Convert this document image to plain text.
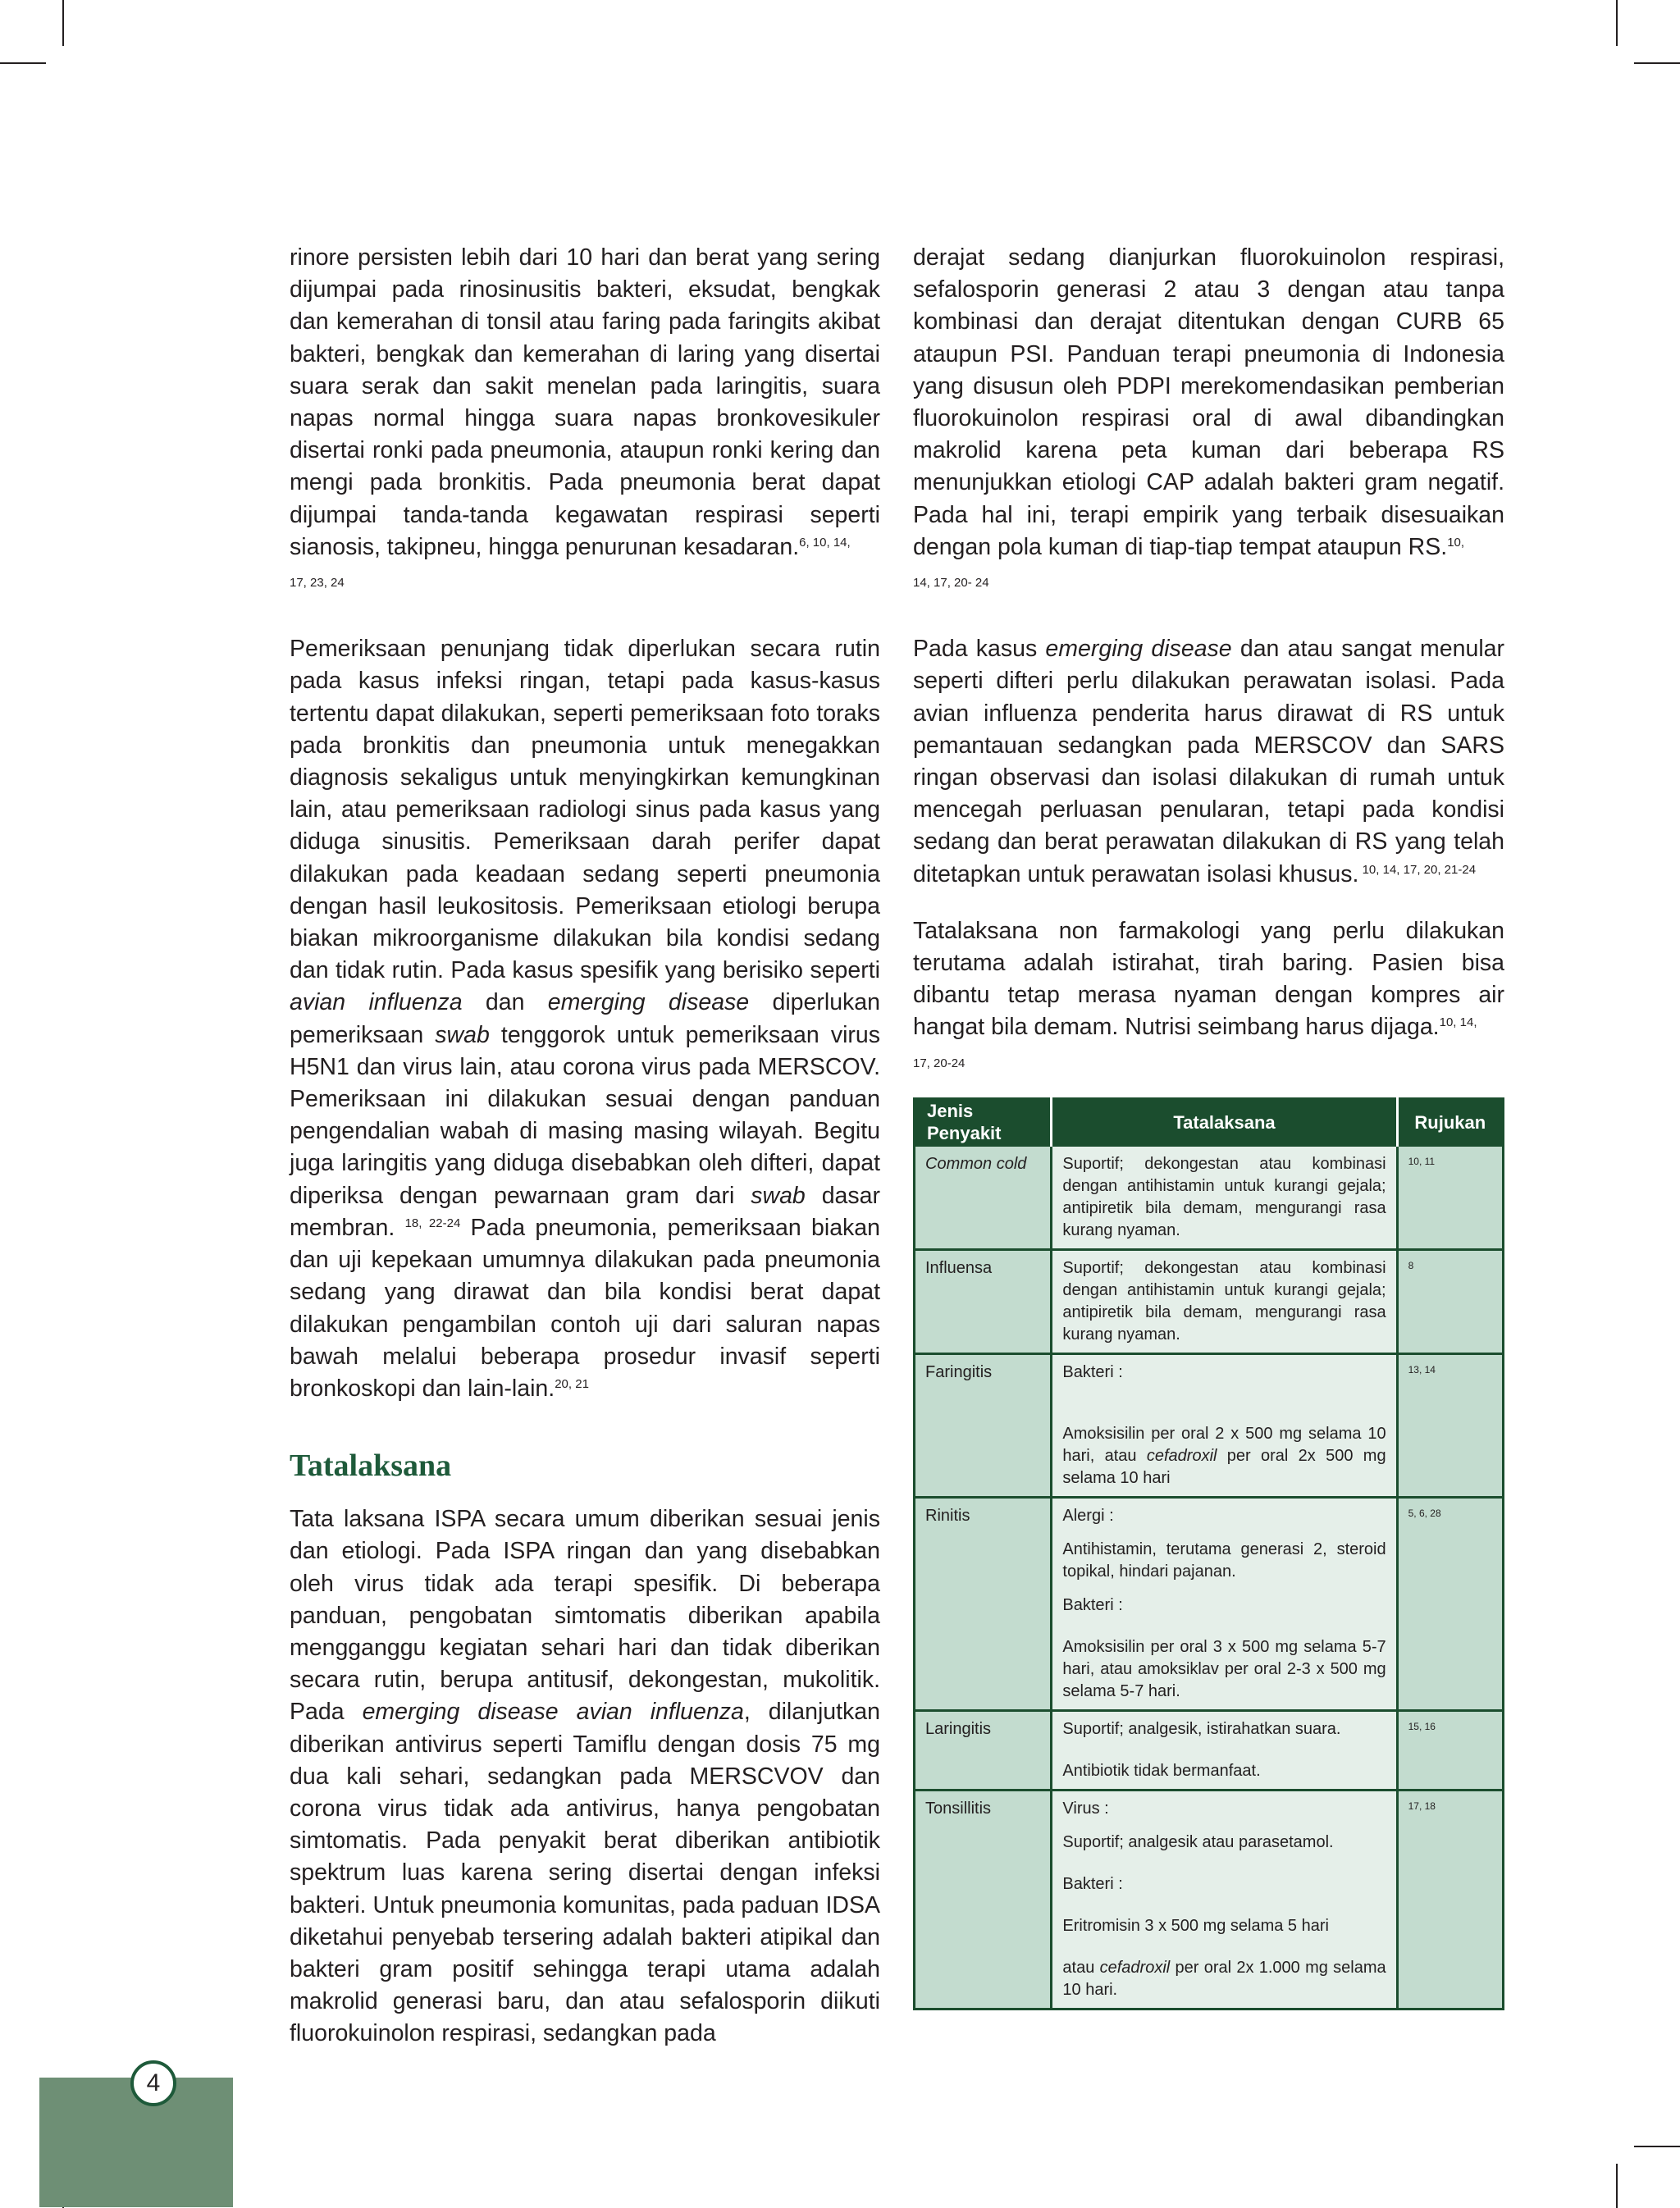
rinore persisten lebih dari 10 hari dan berat yang sering dijumpai pada rinosinusitis bakteri, eksudat, bengkak dan kemerahan di tonsil atau faring pada faringits akibat bakteri, bengkak dan kemerahan di laring yang disertai suara serak dan sakit menelan pada laringitis, suara napas normal hingga suara napas bronkovesikuler disertai ronki pada pneumonia, ataupun ronki kering dan mengi pada bronkitis. Pada pneumonia berat dapat dijumpai tanda-tanda kegawatan respirasi seperti sianosis, takipneu, hingga penurunan kesadaran.$^{6, 10, 14,}$
17, 23, 24

Pemeriksaan penunjang tidak diperlukan secara rutin pada kasus infeksi ringan, tetapi pada kasus-kasus tertentu dapat dilakukan, seperti pemeriksaan foto toraks pada bronkitis dan pneumonia untuk menegakkan diagnosis sekaligus untuk menyingkirkan kemungkinan lain, atau pemeriksaan radiologi sinus pada kasus yang diduga sinusitis. Pemeriksaan darah perifer dapat dilakukan pada keadaan sedang seperti pneumonia dengan hasil leukositosis. Pemeriksaan etiologi berupa biakan mikroorganisme dilakukan bila kondisi sedang dan tidak rutin. Pada kasus spesifik yang berisiko seperti avian influenza dan emerging disease diperlukan pemeriksaan swab tenggorok untuk pemeriksaan virus H5N1 dan virus lain, atau corona virus pada MERSCOV. Pemeriksaan ini dilakukan sesuai dengan panduan pengendalian wabah di masing masing wilayah. Begitu juga laringitis yang diduga disebabkan oleh difteri, dapat diperiksa dengan pewarnaan gram dari swab dasar membran. $^{18, 22-24}$ Pada pneumonia, pemeriksaan biakan dan uji kepekaan umumnya dilakukan pada pneumonia sedang yang dirawat dan bila kondisi berat dapat dilakukan pengambilan contoh uji dari saluran napas bawah melalui beberapa prosedur invasif seperti bronkoskopi dan lain-lain.$^{20, 21}$

Tatalaksana

Tata laksana ISPA secara umum diberikan sesuai jenis dan etiologi. Pada ISPA ringan dan yang disebabkan oleh virus tidak ada terapi spesifik. Di beberapa panduan, pengobatan simtomatis diberikan apabila mengganggu kegiatan sehari hari dan tidak diberikan secara rutin, berupa antitusif, dekongestan, mukolitik. Pada emerging disease avian influenza, dilanjutkan diberikan antivirus seperti Tamiflu dengan dosis 75 mg dua kali sehari, sedangkan pada MERSCVOV dan corona virus tidak ada antivirus, hanya pengobatan simtomatis. Pada penyakit berat diberikan antibiotik spektrum luas karena sering disertai dengan infeksi bakteri. Untuk pneumonia komunitas, pada paduan IDSA diketahui penyebab tersering adalah bakteri atipikal dan bakteri gram positif sehingga terapi utama adalah makrolid generasi baru, dan atau sefalosporin diikuti fluorokuinolon respirasi, sedangkan pada

derajat sedang dianjurkan fluorokuinolon respirasi, sefalosporin generasi 2 atau 3 dengan atau tanpa kombinasi dan derajat ditentukan dengan CURB 65 ataupun PSI. Panduan terapi pneumonia di Indonesia yang disusun oleh PDPI merekomendasikan pemberian fluorokuinolon respirasi oral di awal dibandingkan makrolid karena peta kuman dari beberapa RS menunjukkan etiologi CAP adalah bakteri gram negatif. Pada hal ini, terapi empirik yang terbaik disesuaikan dengan pola kuman di tiap-tiap tempat ataupun RS.$^{10,}$
14, 17, 20- 24

Pada kasus emerging disease dan atau sangat menular seperti difteri perlu dilakukan perawatan isolasi. Pada avian influenza penderita harus dirawat di RS untuk pemantauan sedangkan pada MERSCOV dan SARS ringan observasi dan isolasi dilakukan di rumah untuk mencegah perluasan penularan, tetapi pada kondisi sedang dan berat perawatan dilakukan di RS yang telah ditetapkan untuk perawatan isolasi khusus. $^{10, 14, 17, 20, 21-24}$

Tatalaksana non farmakologi yang perlu dilakukan terutama adalah istirahat, tirah baring. Pasien bisa dibantu tetap merasa nyaman dengan kompres air hangat bila demam. Nutrisi seimbang harus dijaga.$^{10, 14,}$
17, 20-24

Jenis Penyakit	Tatalaksana	Rujukan
Common cold	Suportif; dekongestan atau kombinasi dengan antihistamin untuk kurangi gejala; antipiretik bila demam, mengurangi rasa kurang nyaman.	10, 11
Influensa	Suportif; dekongestan atau kombinasi dengan antihistamin untuk kurangi gejala; antipiretik bila demam, mengurangi rasa kurang nyaman.	8
Faringitis	Bakteri :
Amoksisilin per oral 2 x 500 mg selama 10 hari, atau cefadroxil per oral 2x 500 mg selama 10 hari	13, 14
Rinitis	Alergi :
Antihistamin, terutama generasi 2, steroid topikal, hindari pajanan.
Bakteri :
Amoksisilin per oral 3 x 500 mg selama 5-7 hari, atau amoksiklav per oral 2-3 x 500 mg selama 5-7 hari.	5, 6, 28
Laringitis	Suportif; analgesik, istirahatkan suara.
Antibiotik tidak bermanfaat.	15, 16
Tonsillitis	Virus :
Suportif; analgesik atau parasetamol.
Bakteri :
Eritromisin 3 x 500 mg selama 5 hari
atau cefadroxil per oral 2x 1.000 mg selama 10 hari.	17, 18
4
